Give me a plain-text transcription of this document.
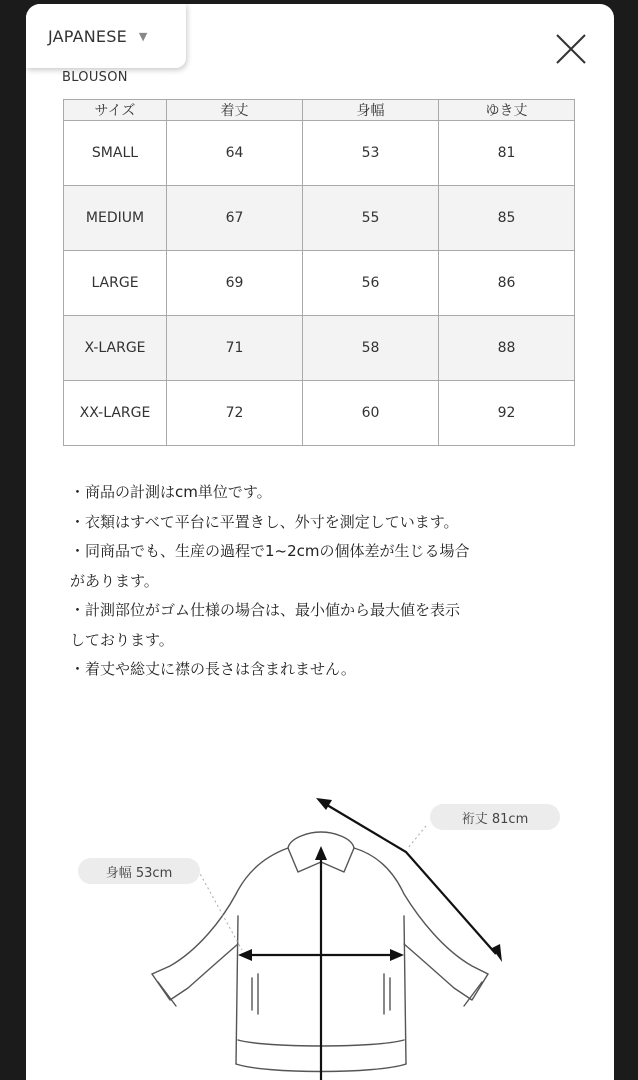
JAPANESE ▼
BLOUSON
サイズ	着丈	身幅	ゆき丈
SMALL	64	53	81
MEDIUM	67	55	85
LARGE	69	56	86
X-LARGE	71	58	88
XX-LARGE	72	60	92
・商品の計測はcm単位です。
・衣類はすべて平台に平置きし、外寸を測定しています。
・同商品でも、生産の過程で1~2cmの個体差が生じる場合
があります。
・計測部位がゴム仕様の場合は、最小値から最大値を表示
しております。
・着丈や総丈に襟の長さは含まれません。
裄丈 81cm
身幅 53cm
